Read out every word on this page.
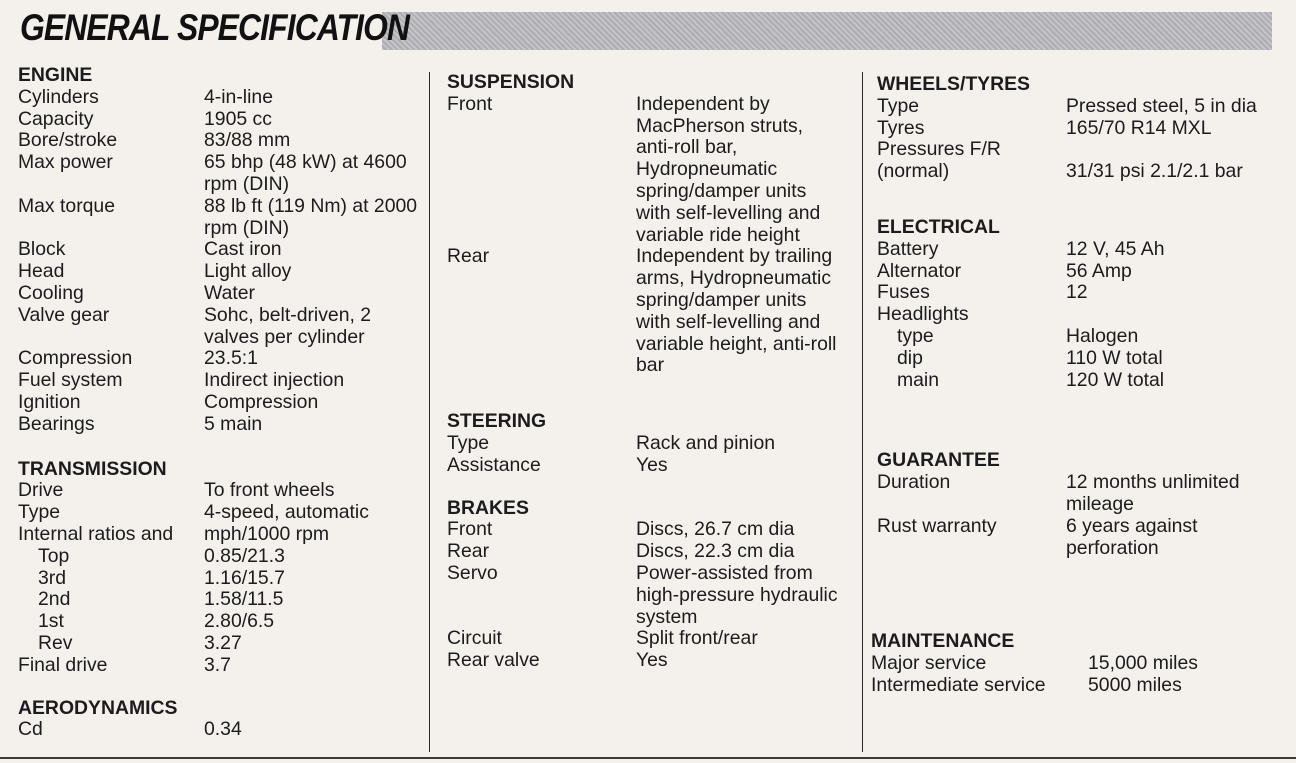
GENERAL SPECIFICATION
ENGINE
Cylinders	4-in-line
Capacity	1905 cc
Bore/stroke	83/88 mm
Max power	65 bhp (48 kW) at 4600 rpm (DIN)
Max torque	88 lb ft (119 Nm) at 2000 rpm (DIN)
Block	Cast iron
Head	Light alloy
Cooling	Water
Valve gear	Sohc, belt-driven, 2 valves per cylinder
Compression	23.5:1
Fuel system	Indirect injection
Ignition	Compression
Bearings	5 main
TRANSMISSION
Drive	To front wheels
Type	4-speed, automatic
Internal ratios and	mph/1000 rpm
Top	0.85/21.3
3rd	1.16/15.7
2nd	1.58/11.5
1st	2.80/6.5
Rev	3.27
Final drive	3.7
AERODYNAMICS
Cd	0.34
SUSPENSION
Front	Independent by MacPherson struts, anti-roll bar, Hydropneumatic spring/damper units with self-levelling and variable ride height
Rear	Independent by trailing arms, Hydropneumatic spring/damper units with self-levelling and variable height, anti-roll bar
STEERING
Type	Rack and pinion
Assistance	Yes
BRAKES
Front	Discs, 26.7 cm dia
Rear	Discs, 22.3 cm dia
Servo	Power-assisted from high-pressure hydraulic system
Circuit	Split front/rear
Rear valve	Yes
WHEELS/TYRES
Type	Pressed steel, 5 in dia
Tyres	165/70 R14 MXL
Pressures F/R
(normal)	31/31 psi 2.1/2.1 bar
ELECTRICAL
Battery	12 V, 45 Ah
Alternator	56 Amp
Fuses	12
Headlights
type	Halogen
dip	110 W total
main	120 W total
GUARANTEE
Duration	12 months unlimited mileage
Rust warranty	6 years against perforation
MAINTENANCE
Major service	15,000 miles
Intermediate service	5000 miles
